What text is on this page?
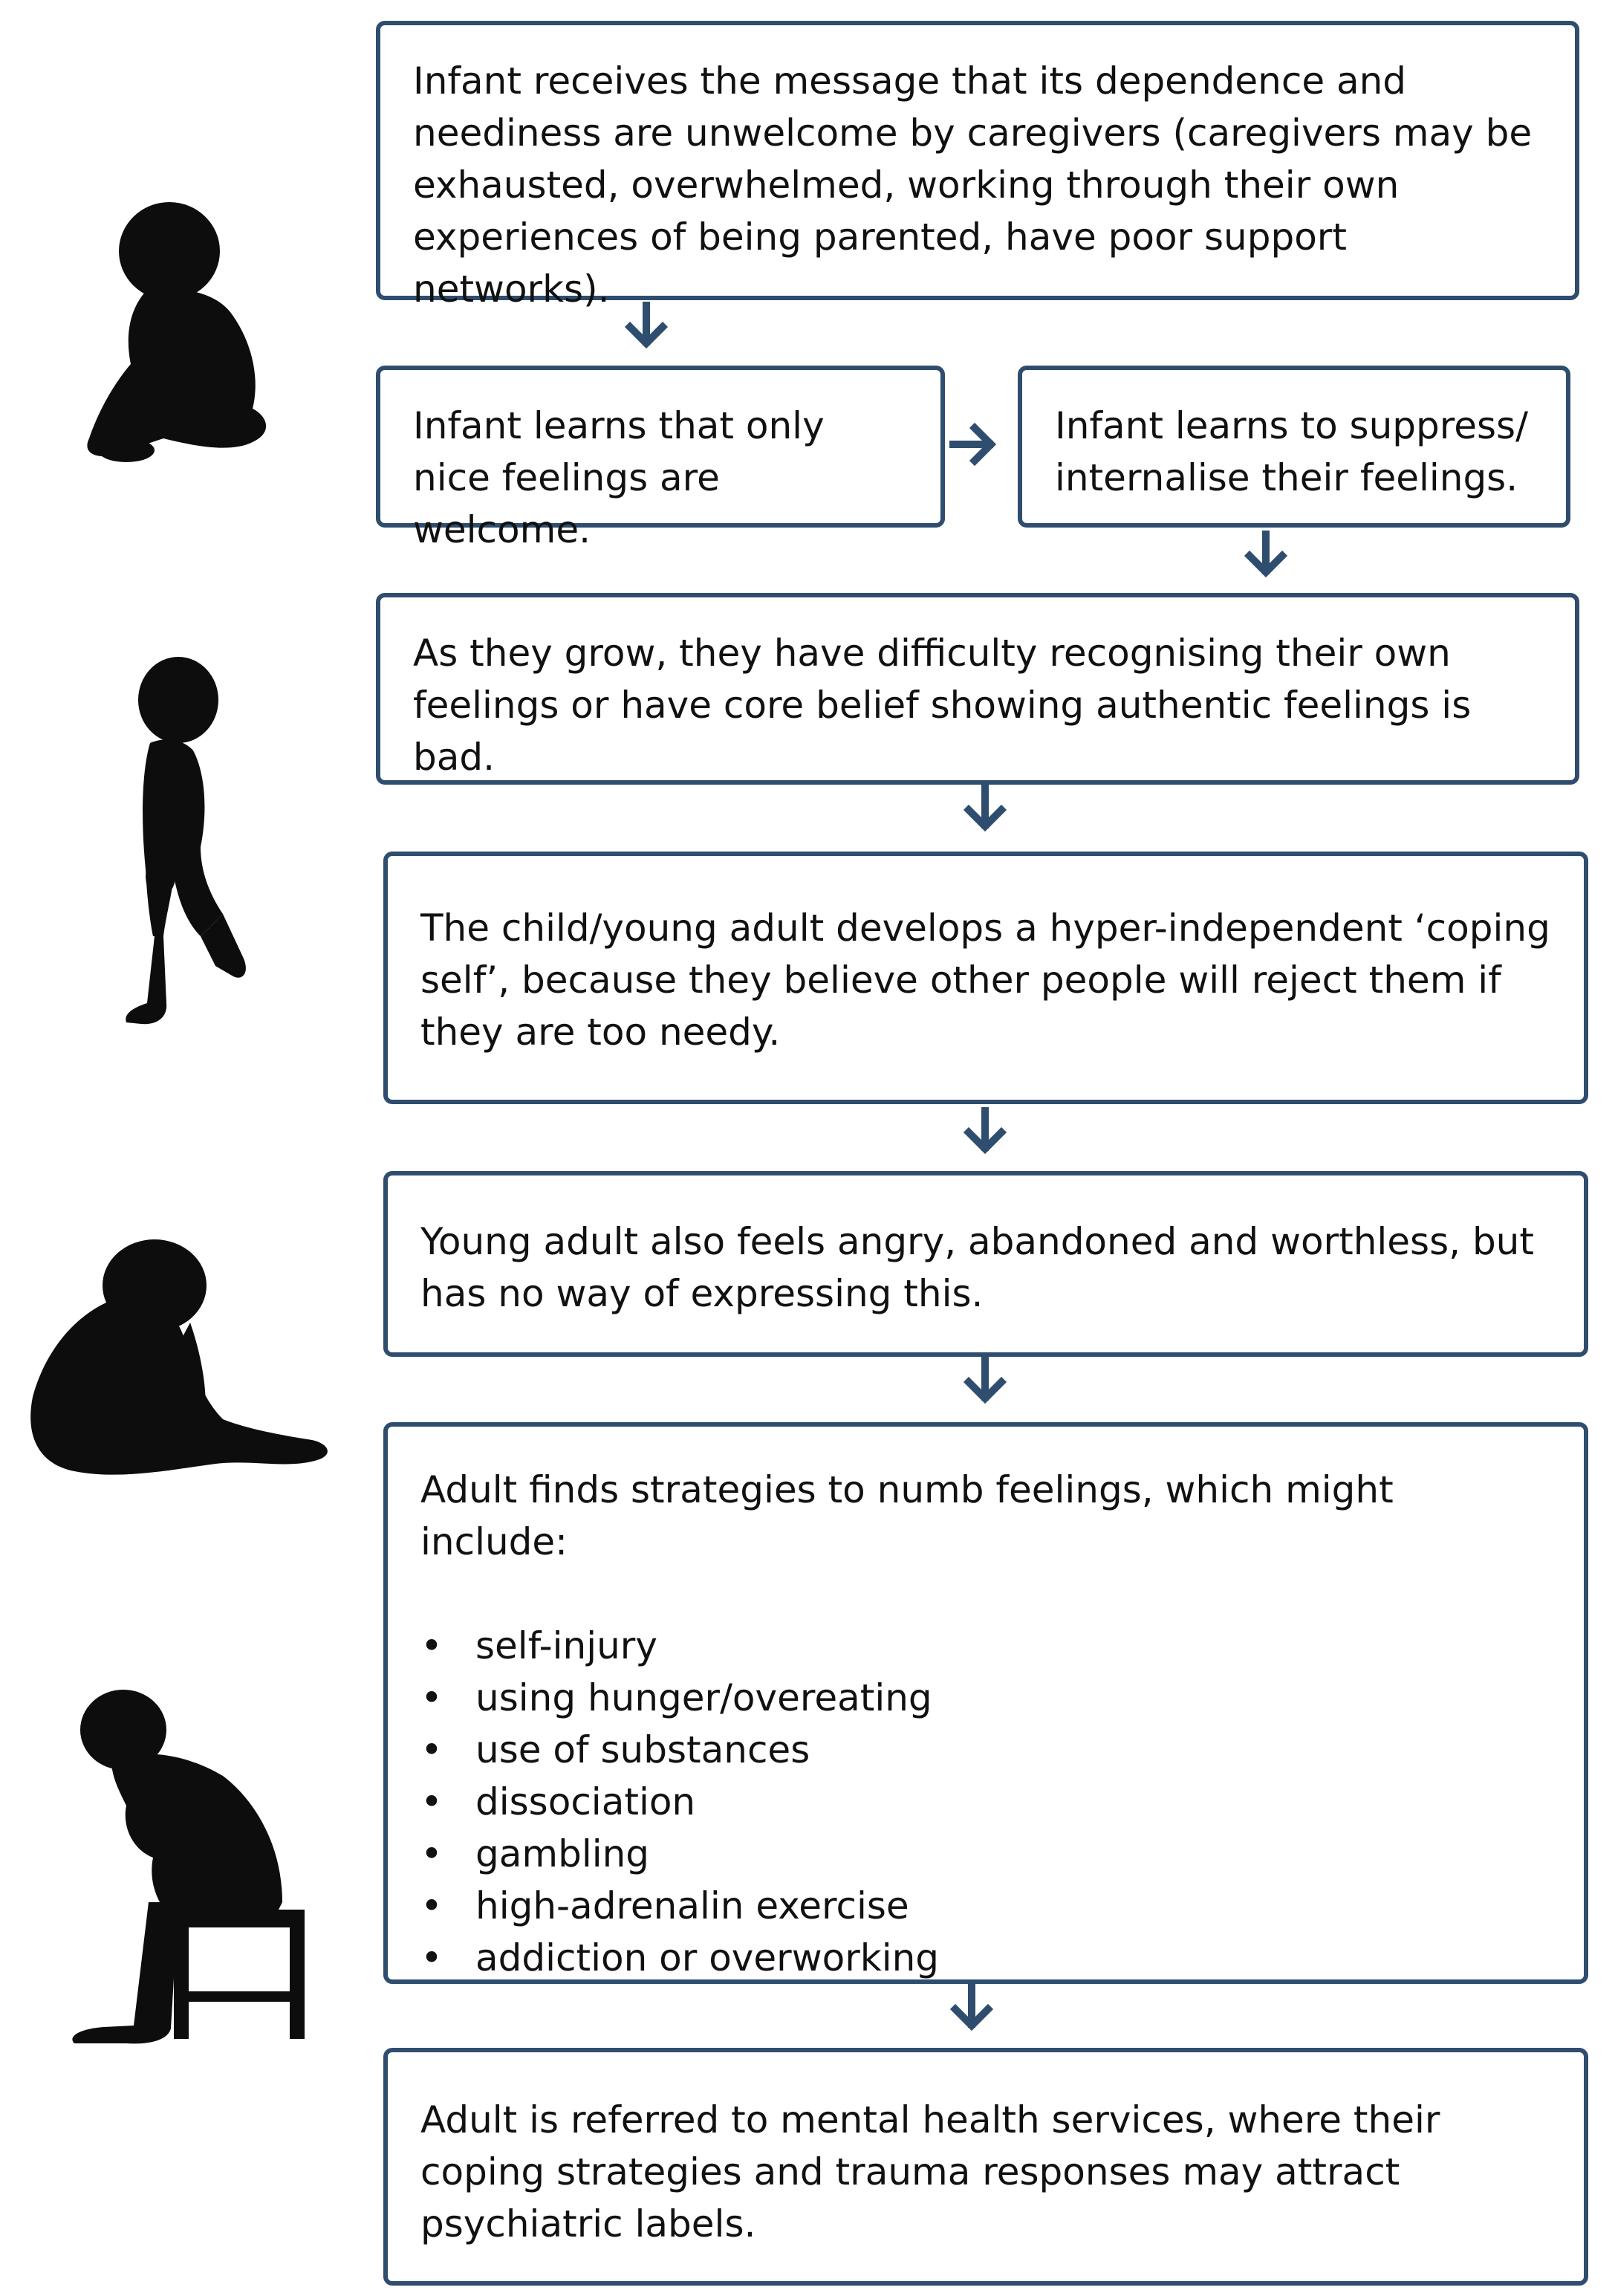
Infant receives the message that its dependence and neediness are unwelcome by caregivers (caregivers may be exhausted, overwhelmed, working through their own experiences of being parented, have poor support networks).

Infant learns that only nice feelings are welcome.

Infant learns to suppress/ internalise their feelings.

As they grow, they have difficulty recognising their own feelings or have core belief showing authentic feelings is bad.

The child/young adult develops a hyper-independent ‘coping self’, because they believe other people will reject them if they are too needy.

Young adult also feels angry, abandoned and worthless, but has no way of expressing this.

Adult finds strategies to numb feelings, which might include:

• self-injury
• using hunger/overeating
• use of substances
• dissociation
• gambling
• high-adrenalin exercise
• addiction or overworking

Adult is referred to mental health services, where their coping strategies and trauma responses may attract psychiatric labels.
